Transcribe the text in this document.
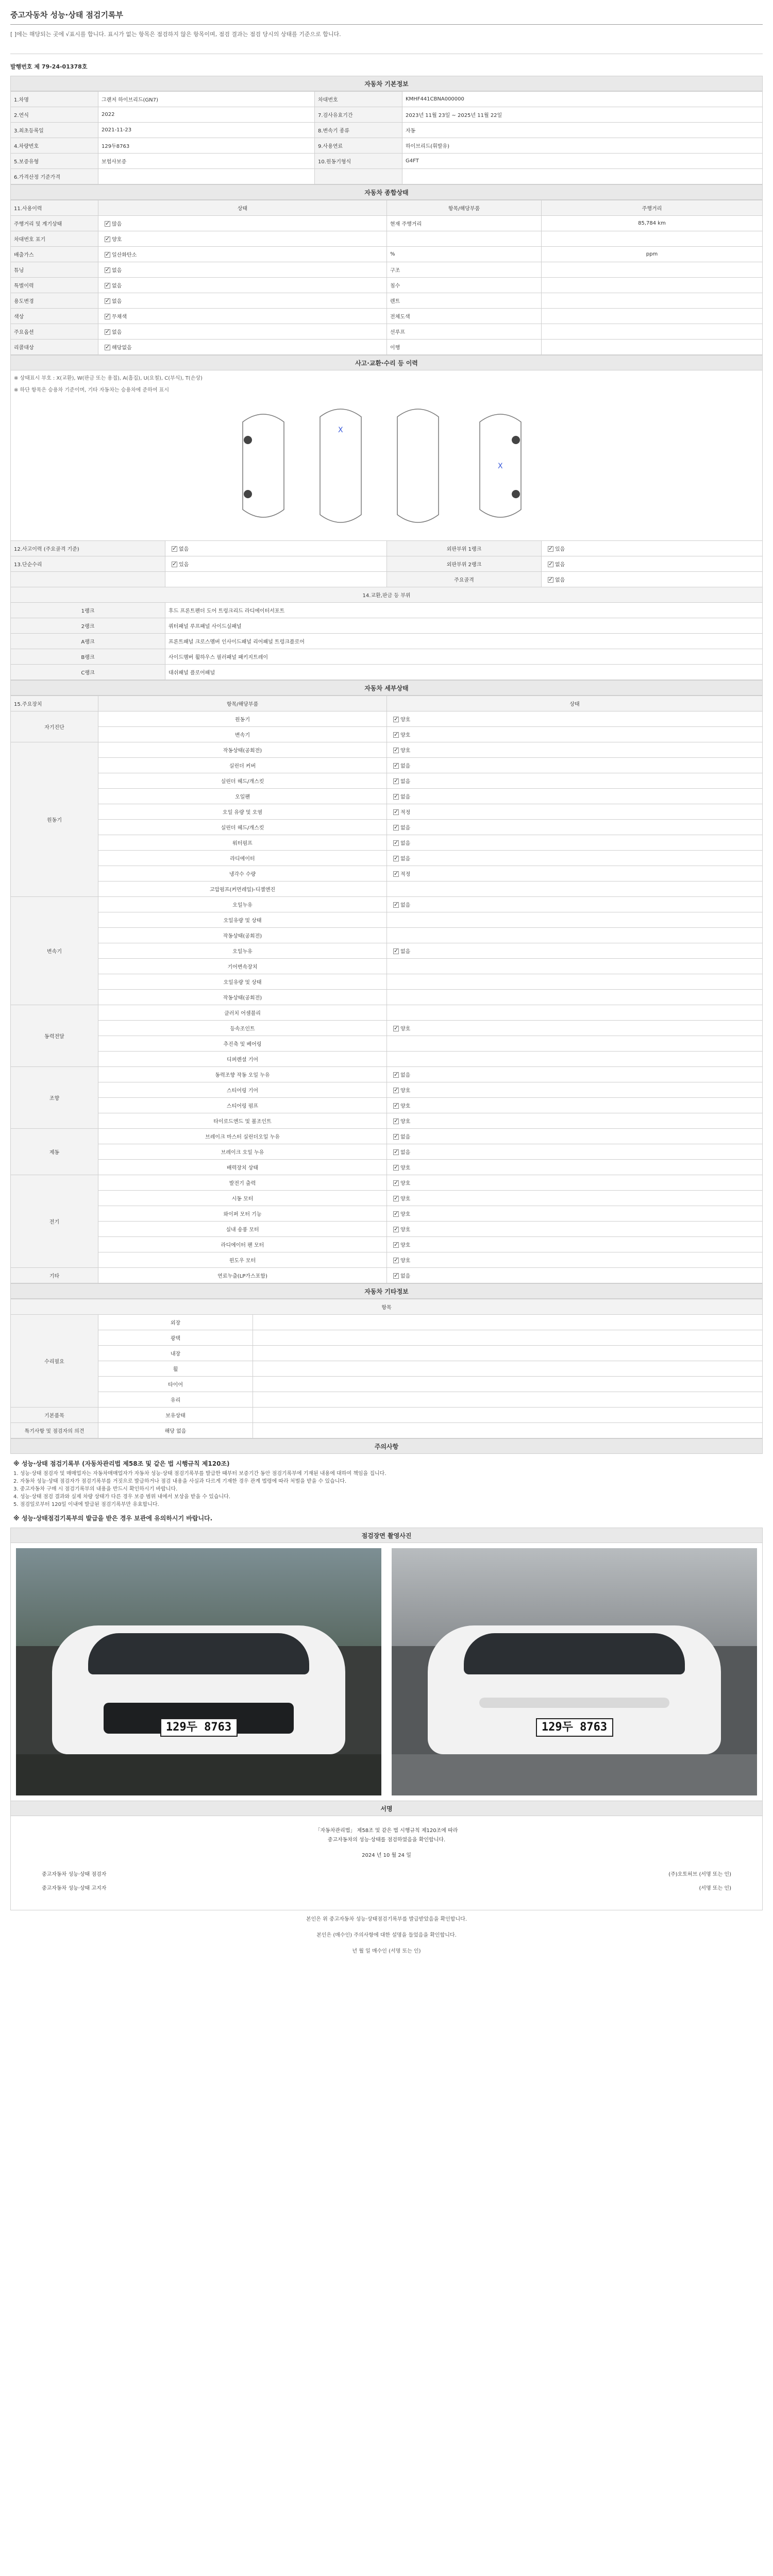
중고자동차 성능·상태 점검기록부
[ ]에는 해당되는 곳에 √표시를 합니다. 표시가 없는 항목은 점검하지 않은 항목이며, 점검 결과는 점검 당시의 상태를 기준으로 합니다.
발행번호 제 79-24-01378호
자동차 기본정보
1.차명	그랜저 하이브리드(GN7)	차대번호	KMHF441CBNA000000
2.연식	2022	7.검사유효기간	2023년 11월 23일 ~ 2025년 11월 22일
3.최초등록일	2021-11-23	8.변속기 종류	자동
4.차량번호	129두8763	9.사용연료	하이브리드(휘발유)
5.보증유형	보험사보증	10.원동기형식	G4FT
6.가격산정 기준가격			
자동차 종합상태
11.사용이력	상태	항목/해당부품	주행거리
주행거리 및 계기상태	✓많음	현재 주행거리	85,784 km
차대번호 표기	✓양호		
배출가스	✓일산화탄소	%	ppm
튜닝	✓없음	구조	
특별이력	✓없음	침수	
용도변경	✓없음	렌트	
색상	✓무채색	전체도색	
주요옵션	✓없음	선루프	
리콜대상	✓해당없음	이행	
사고·교환·수리 등 이력
※ 상태표시 부호 : X(교환), W(판금 또는 용접), A(흠집), U(요철), C(부식), T(손상)
※ 하단 항목은 승용차 기준이며, 기타 자동차는 승용차에 준하여 표시
X
X
12.사고이력 (주요골격 기준)	✓없음	외판부위 1랭크	✓있음
13.단순수리	✓있음	외판부위 2랭크	✓없음
		주요골격	✓없음
14.교환,판금 등 부위			
1랭크	후드 프론트펜더 도어 트렁크리드 라디에이터서포트		
2랭크	쿼터패널 루프패널 사이드실패널		
A랭크	프론트패널 크로스멤버 인사이드패널 리어패널 트렁크플로어		
B랭크	사이드멤버 휠하우스 필러패널 패키지트레이		
C랭크	대쉬패널 플로어패널		
자동차 세부상태
15.주요장치	항목/해당부품	상태
자기진단	원동기	✓양호
	변속기	✓양호
원동기	작동상태(공회전)	✓양호
	실린더 커버	✓없음
	실린더 헤드/개스킷	✓없음
	오일팬	✓없음
	오일 유량 및 오염	✓적정
	실린더 헤드/개스킷	✓없음
	워터펌프	✓없음
	라디에이터	✓없음
	냉각수 수량	✓적정
	고압펌프(커먼레일)-디젤엔진	
변속기	오일누유	✓없음
	오일유량 및 상태	
	작동상태(공회전)	
	오일누유	✓없음
	기어변속장치	
	오일유량 및 상태	
	작동상태(공회전)	
동력전달	클러치 어셈블리	
	등속조인트	✓양호
	추진축 및 베어링	
	디퍼렌셜 기어	
조향	동력조향 작동 오일 누유	✓없음
	스티어링 기어	✓양호
	스티어링 펌프	✓양호
	타이로드엔드 및 볼조인트	✓양호
제동	브레이크 마스터 실린더오일 누유	✓없음
	브레이크 오일 누유	✓없음
	배력장치 상태	✓양호
전기	발전기 출력	✓양호
	시동 모터	✓양호
	와이퍼 모터 기능	✓양호
	실내 송풍 모터	✓양호
	라디에이터 팬 모터	✓양호
	윈도우 모터	✓양호
기타	연료누출(LP가스포함)	✓없음
자동차 기타정보
항목		
수리필요	외장	
	광택	
	내장	
	휠	
	타이어	
	유리	
기본품목	보유상태	
특기사항 및 점검자의 의견	해당 없음	
주의사항
※ 성능·상태 점검기록부 (자동차관리법 제58조 및 같은 법 시행규칙 제120조)

1. 성능·상태 점검자 및 매매업자는 자동차매매업자가 자동차 성능·상태 점검기록부를 발급한 때부터 보증기간 동안 점검기록부에 기재된 내용에 대하여 책임을 집니다.

2. 자동차 성능·상태 점검자가 점검기록부를 거짓으로 발급하거나 점검 내용을 사실과 다르게 기재한 경우 관계 법령에 따라 처벌을 받을 수 있습니다.

3. 중고자동차 구매 시 점검기록부의 내용을 반드시 확인하시기 바랍니다.

4. 성능·상태 점검 결과와 실제 차량 상태가 다른 경우 보증 범위 내에서 보상을 받을 수 있습니다.

5. 점검일로부터 120일 이내에 발급된 점검기록부만 유효합니다.

※ 성능·상태점검기록부의 발급을 받은 경우 보관에 유의하시기 바랍니다.
점검장면 촬영사진
129두 8763	129두 8763
서명
「자동차관리법」 제58조 및 같은 법 시행규칙 제120조에 따라
중고자동차의 성능·상태를 점검하였음을 확인합니다.
2024 년 10 월 24 일
중고자동차 성능·상태 점검자	(주)오토허브 (서명 또는 인)
중고자동차 성능·상태 고지자	(서명 또는 인)
본인은 위 중고자동차 성능·상태점검기록부를 발급받았음을 확인합니다.
본인은 (매수인) 주의사항에 대한 설명을 들었음을 확인합니다.
년 월 일 매수인 (서명 또는 인)
